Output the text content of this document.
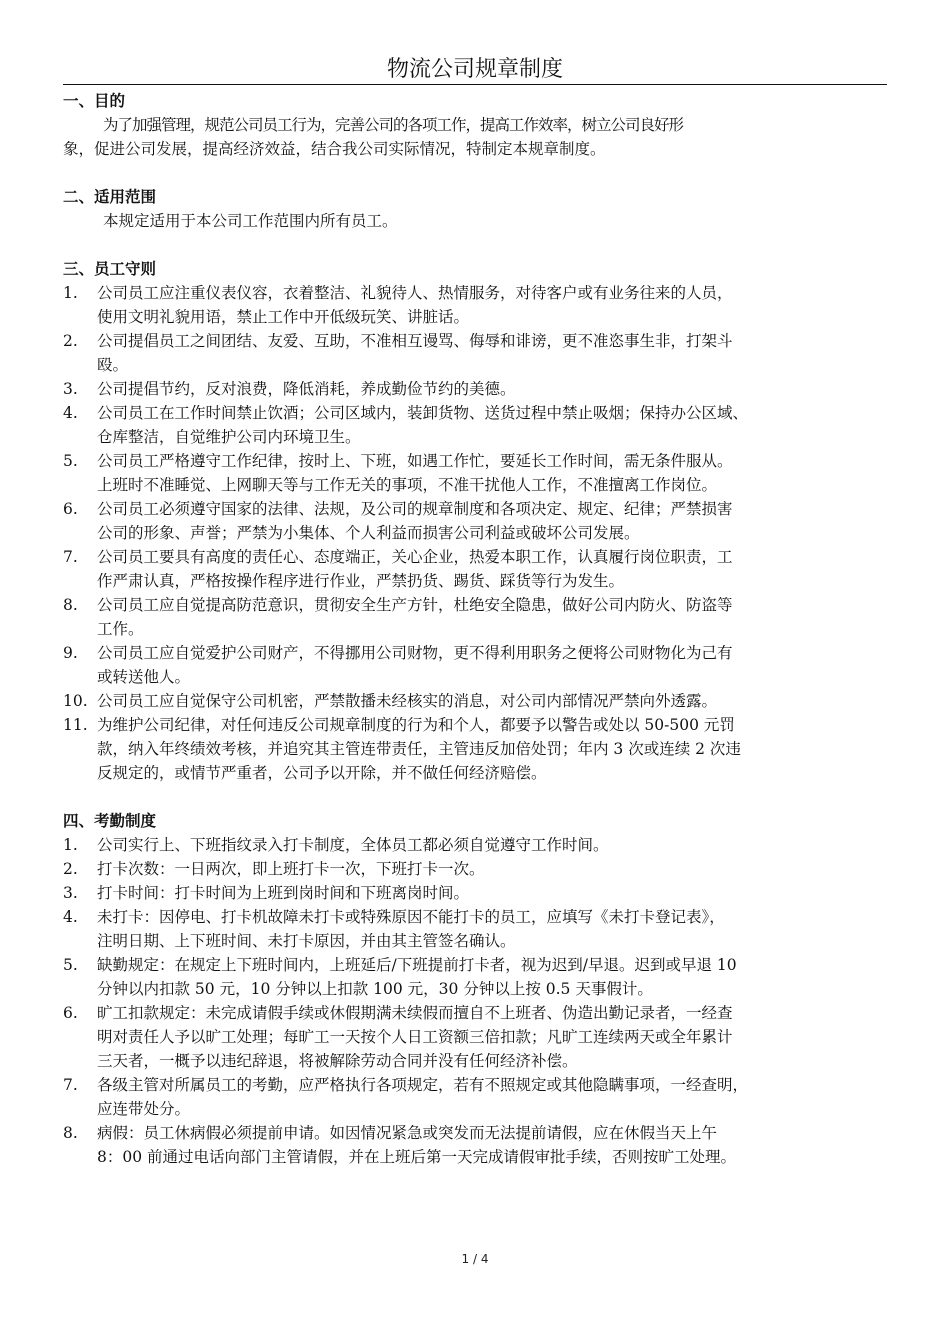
物流公司规章制度
一、目的
为了加强管理，规范公司员工行为，完善公司的各项工作，提高工作效率，树立公司良好形
象，促进公司发展，提高经济效益，结合我公司实际情况，特制定本规章制度。
二、适用范围
本规定适用于本公司工作范围内所有员工。
三、员工守则
1. 公司员工应注重仪表仪容，衣着整洁、礼貌待人、热情服务，对待客户或有业务往来的人员，
使用文明礼貌用语，禁止工作中开低级玩笑、讲脏话。
2. 公司提倡员工之间团结、友爱、互助，不准相互谩骂、侮辱和诽谤，更不准恣事生非，打架斗
殴。
3. 公司提倡节约，反对浪费，降低消耗，养成勤俭节约的美德。
4. 公司员工在工作时间禁止饮酒；公司区域内，装卸货物、送货过程中禁止吸烟；保持办公区域、
仓库整洁，自觉维护公司内环境卫生。
5. 公司员工严格遵守工作纪律，按时上、下班，如遇工作忙，要延长工作时间，需无条件服从。
上班时不准睡觉、上网聊天等与工作无关的事项，不准干扰他人工作，不准擅离工作岗位。
6. 公司员工必须遵守国家的法律、法规，及公司的规章制度和各项决定、规定、纪律；严禁损害
公司的形象、声誉；严禁为小集体、个人利益而损害公司利益或破坏公司发展。
7. 公司员工要具有高度的责任心、态度端正，关心企业，热爱本职工作，认真履行岗位职责，工
作严肃认真，严格按操作程序进行作业，严禁扔货、踢货、踩货等行为发生。
8. 公司员工应自觉提高防范意识，贯彻安全生产方针，杜绝安全隐患，做好公司内防火、防盗等
工作。
9. 公司员工应自觉爱护公司财产，不得挪用公司财物，更不得利用职务之便将公司财物化为己有
或转送他人。
10. 公司员工应自觉保守公司机密，严禁散播未经核实的消息，对公司内部情况严禁向外透露。
11. 为维护公司纪律，对任何违反公司规章制度的行为和个人，都要予以警告或处以 50-500 元罚
款，纳入年终绩效考核，并追究其主管连带责任，主管违反加倍处罚；年内 3 次或连续 2 次违
反规定的，或情节严重者，公司予以开除，并不做任何经济赔偿。
四、考勤制度
1. 公司实行上、下班指纹录入打卡制度，全体员工都必须自觉遵守工作时间。
2. 打卡次数：一日两次，即上班打卡一次，下班打卡一次。
3. 打卡时间：打卡时间为上班到岗时间和下班离岗时间。
4. 未打卡：因停电、打卡机故障未打卡或特殊原因不能打卡的员工，应填写《未打卡登记表》，
注明日期、上下班时间、未打卡原因，并由其主管签名确认。
5. 缺勤规定：在规定上下班时间内，上班延后/下班提前打卡者，视为迟到/早退。迟到或早退 10
分钟以内扣款 50 元，10 分钟以上扣款 100 元，30 分钟以上按 0.5 天事假计。
6. 旷工扣款规定：未完成请假手续或休假期满未续假而擅自不上班者、伪造出勤记录者，一经查
明对责任人予以旷工处理；每旷工一天按个人日工资额三倍扣款；凡旷工连续两天或全年累计
三天者，一概予以违纪辞退，将被解除劳动合同并没有任何经济补偿。
7. 各级主管对所属员工的考勤，应严格执行各项规定，若有不照规定或其他隐瞒事项，一经查明，
应连带处分。
8. 病假：员工休病假必须提前申请。如因情况紧急或突发而无法提前请假，应在休假当天上午
8：00 前通过电话向部门主管请假，并在上班后第一天完成请假审批手续，否则按旷工处理。
1 / 4
